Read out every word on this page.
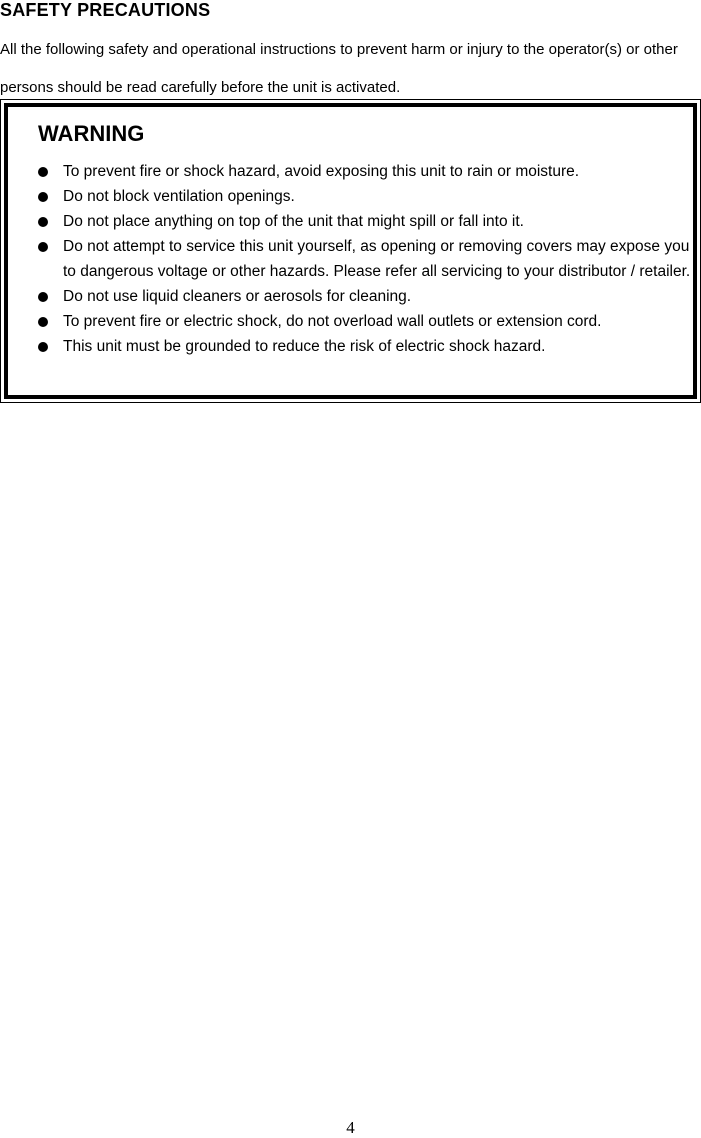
SAFETY PRECAUTIONS

All the following safety and operational instructions to prevent harm or injury to the operator(s) or other persons should be read carefully before the unit is activated.

WARNING
To prevent fire or shock hazard, avoid exposing this unit to rain or moisture.
Do not block ventilation openings.
Do not place anything on top of the unit that might spill or fall into it.
Do not attempt to service this unit yourself, as opening or removing covers may expose you to dangerous voltage or other hazards. Please refer all servicing to your distributor / retailer.
Do not use liquid cleaners or aerosols for cleaning.
To prevent fire or electric shock, do not overload wall outlets or extension cord.
This unit must be grounded to reduce the risk of electric shock hazard.
4
